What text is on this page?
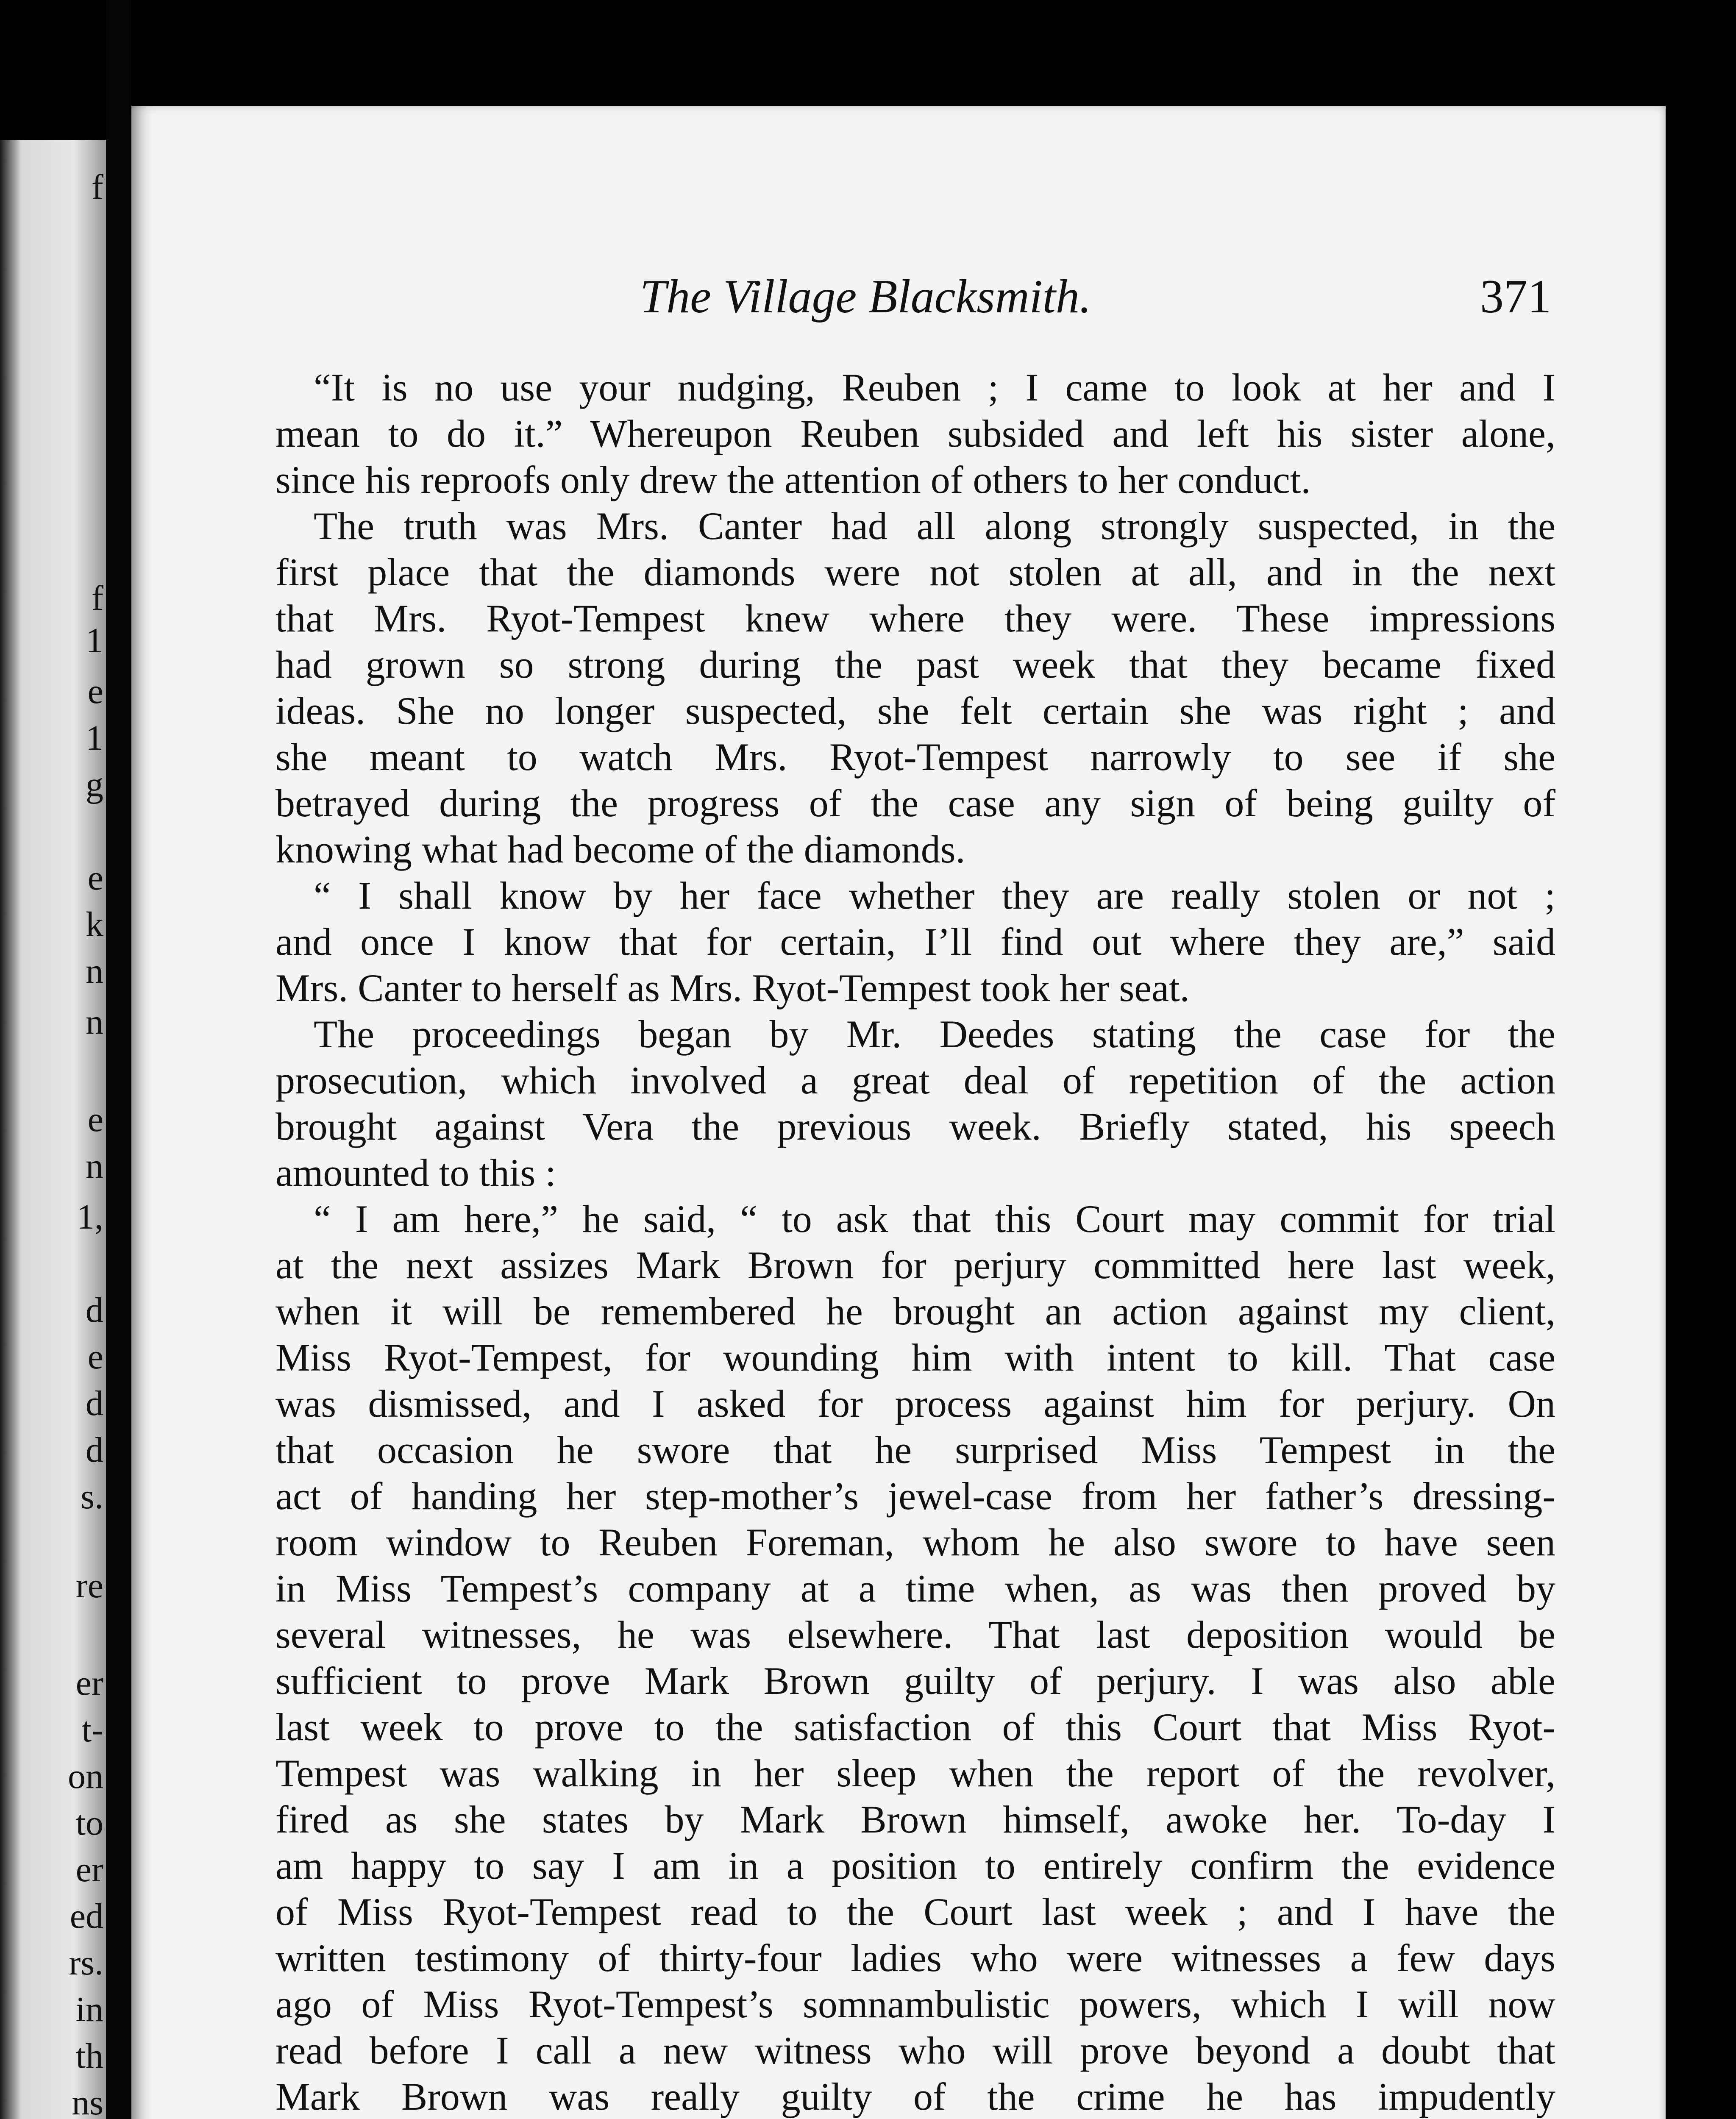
f
f
1
e
1
g
e
k
n
n
e
n
1,
d
e
d
d
s.
re
er
t-
on
to
er
ed
rs.
in
th
ns
The Village Blacksmith.	371
“It is no use your nudging, Reuben ; I came to look at her and I
mean to do it.” Whereupon Reuben subsided and left his sister alone,
since his reproofs only drew the attention of others to her conduct.
The truth was Mrs. Canter had all along strongly suspected, in the
first place that the diamonds were not stolen at all, and in the next
that Mrs. Ryot-Tempest knew where they were. These impressions
had grown so strong during the past week that they became fixed
ideas. She no longer suspected, she felt certain she was right ; and
she meant to watch Mrs. Ryot-Tempest narrowly to see if she
betrayed during the progress of the case any sign of being guilty of
knowing what had become of the diamonds.
“ I shall know by her face whether they are really stolen or not ;
and once I know that for certain, I’ll find out where they are,” said
Mrs. Canter to herself as Mrs. Ryot-Tempest took her seat.
The proceedings began by Mr. Deedes stating the case for the
prosecution, which involved a great deal of repetition of the action
brought against Vera the previous week. Briefly stated, his speech
amounted to this :
“ I am here,” he said, “ to ask that this Court may commit for trial
at the next assizes Mark Brown for perjury committed here last week,
when it will be remembered he brought an action against my client,
Miss Ryot-Tempest, for wounding him with intent to kill. That case
was dismissed, and I asked for process against him for perjury. On
that occasion he swore that he surprised Miss Tempest in the
act of handing her step-mother’s jewel-case from her father’s dressing-
room window to Reuben Foreman, whom he also swore to have seen
in Miss Tempest’s company at a time when, as was then proved by
several witnesses, he was elsewhere. That last deposition would be
sufficient to prove Mark Brown guilty of perjury. I was also able
last week to prove to the satisfaction of this Court that Miss Ryot-
Tempest was walking in her sleep when the report of the revolver,
fired as she states by Mark Brown himself, awoke her. To-day I
am happy to say I am in a position to entirely confirm the evidence
of Miss Ryot-Tempest read to the Court last week ; and I have the
written testimony of thirty-four ladies who were witnesses a few days
ago of Miss Ryot-Tempest’s somnambulistic powers, which I will now
read before I call a new witness who will prove beyond a doubt that
Mark Brown was really guilty of the crime he has impudently
